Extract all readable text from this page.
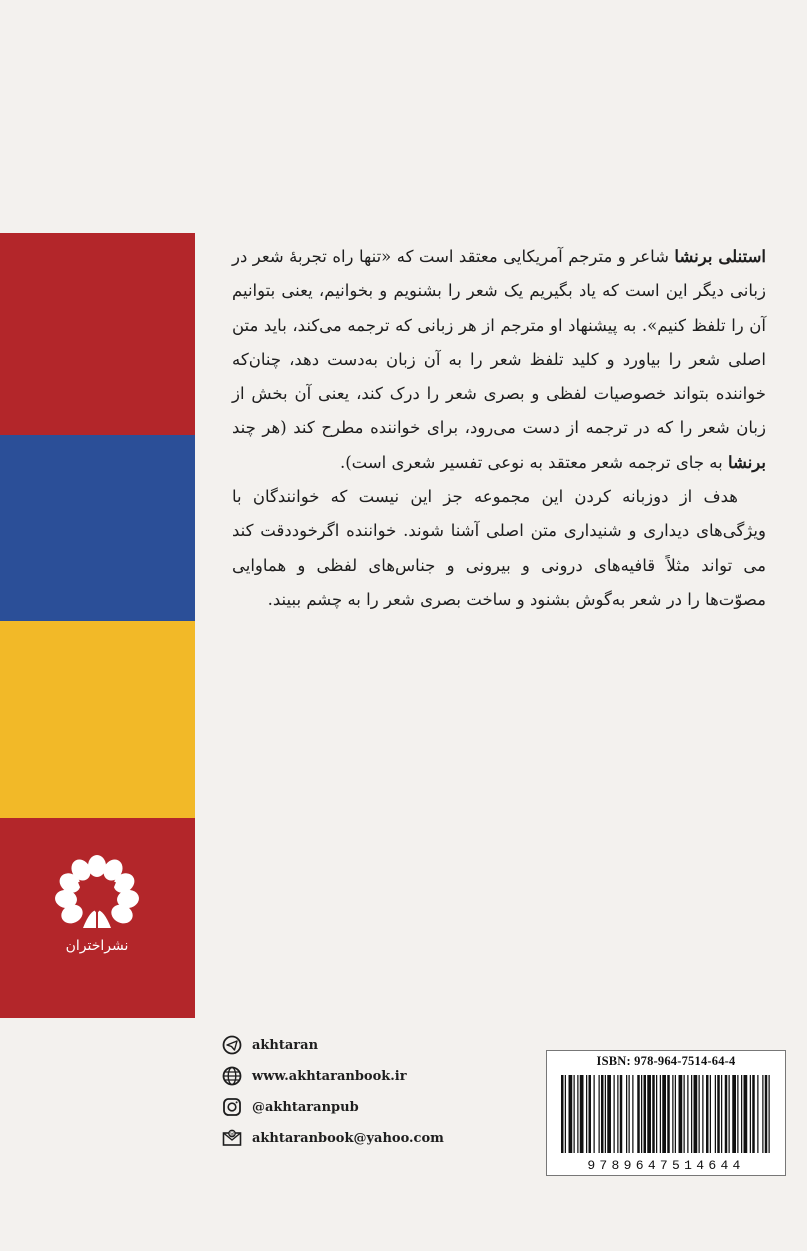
نشراختران

استنلی برنشا شاعر و مترجم آمریکایی معتقد است که «تنها راه تجربهٔ شعر در زبانی دیگر این است که یاد بگیریم یک شعر را بشنویم و بخوانیم، یعنی بتوانیم آن را تلفظ کنیم». به پیشنهاد او مترجم از هر زبانی که ترجمه می‌کند، باید متن اصلی شعر را بیاورد و کلید تلفظ شعر را به آن زبان به‌دست دهد، چنان‌که خواننده بتواند خصوصیات لفظی و بصری شعر را درک کند، یعنی آن بخش از زبان شعر را که در ترجمه از دست می‌رود، برای خواننده مطرح کند (هر چند برنشا به جای ترجمه شعر معتقد به نوعی تفسیر شعری است).

هدف از دوزبانه کردن این مجموعه جز این نیست که خوانندگان با ویژگی‌های دیداری و شنیداری متن اصلی آشنا شوند. خواننده اگرخوددقت کند می تواند مثلاً قافیه‌های درونی و بیرونی و جناس‌های لفظی و هماوایی مصوّت‌ها را در شعر به‌گوش بشنود و ساخت بصری شعر را به چشم ببیند.

akhtaran
www.akhtaranbook.ir
@akhtaranpub
@ akhtaranbook@yahoo.com
ISBN: 978-964-7514-64-4
9789647514644
